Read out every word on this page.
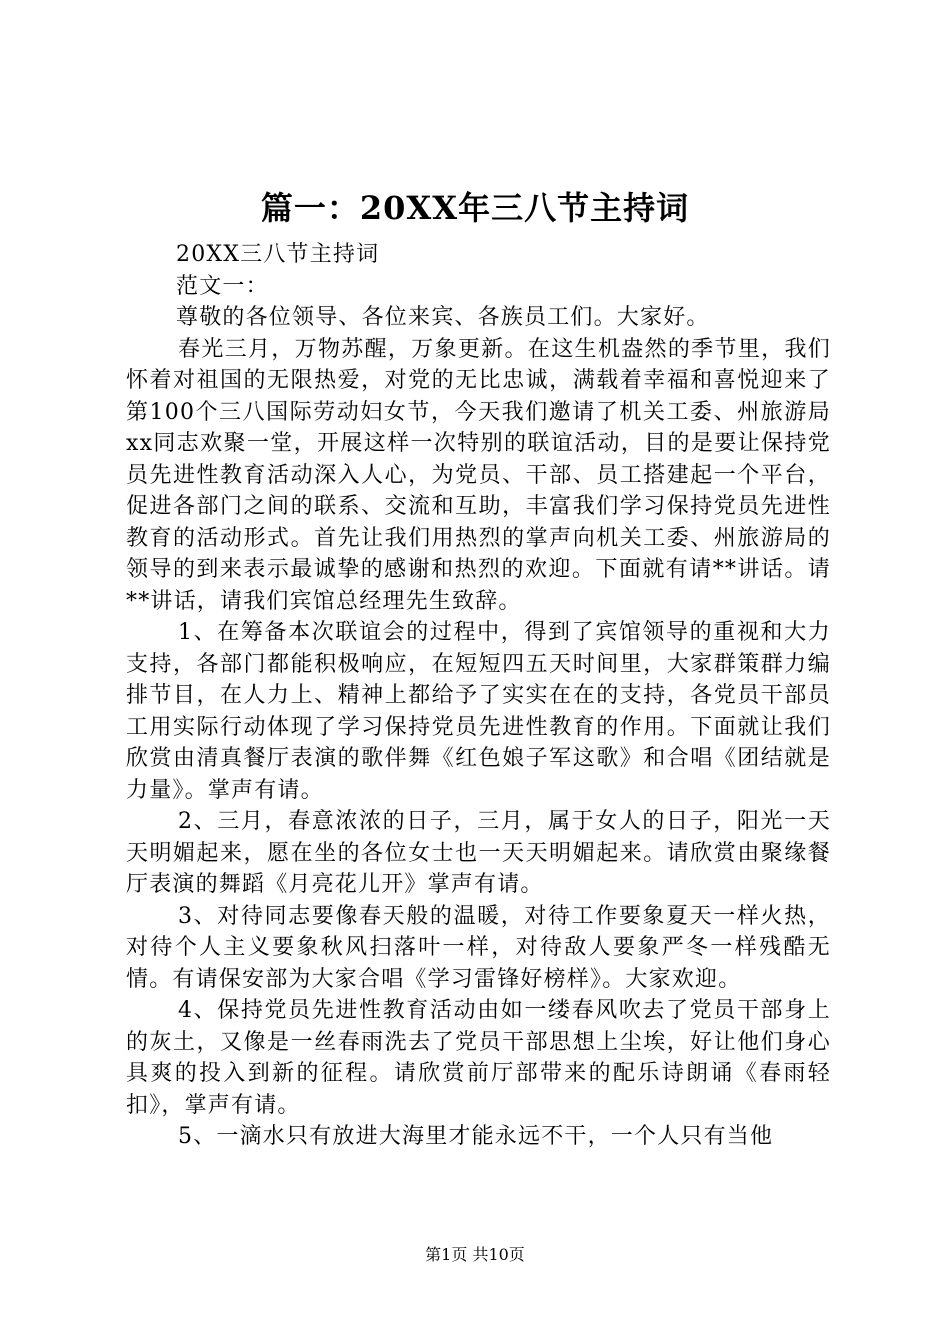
篇一：20XX年三八节主持词

20XX三八节主持词

范文一：

尊敬的各位领导、各位来宾、各族员工们。大家好。

春光三月，万物苏醒，万象更新。在这生机盎然的季节里，我们怀着对祖国的无限热爱，对党的无比忠诚，满载着幸福和喜悦迎来了第100个三八国际劳动妇女节，今天我们邀请了机关工委、州旅游局xx同志欢聚一堂，开展这样一次特别的联谊活动，目的是要让保持党员先进性教育活动深入人心，为党员、干部、员工搭建起一个平台，促进各部门之间的联系、交流和互助，丰富我们学习保持党员先进性教育的活动形式。首先让我们用热烈的掌声向机关工委、州旅游局的领导的到来表示最诚挚的感谢和热烈的欢迎。下面就有请**讲话。请**讲话，请我们宾馆总经理先生致辞。

1、在筹备本次联谊会的过程中，得到了宾馆领导的重视和大力支持，各部门都能积极响应，在短短四五天时间里，大家群策群力编排节目，在人力上、精神上都给予了实实在在的支持，各党员干部员工用实际行动体现了学习保持党员先进性教育的作用。下面就让我们欣赏由清真餐厅表演的歌伴舞《红色娘子军这歌》和合唱《团结就是力量》。掌声有请。

2、三月，春意浓浓的日子，三月，属于女人的日子，阳光一天天明媚起来，愿在坐的各位女士也一天天明媚起来。请欣赏由聚缘餐厅表演的舞蹈《月亮花儿开》掌声有请。

3、对待同志要像春天般的温暖，对待工作要象夏天一样火热，对待个人主义要象秋风扫落叶一样，对待敌人要象严冬一样残酷无情。有请保安部为大家合唱《学习雷锋好榜样》。大家欢迎。

4、保持党员先进性教育活动由如一缕春风吹去了党员干部身上的灰土，又像是一丝春雨洗去了党员干部思想上尘埃，好让他们身心具爽的投入到新的征程。请欣赏前厅部带来的配乐诗朗诵《春雨轻扣》，掌声有请。

5、一滴水只有放进大海里才能永远不干，一个人只有当他

第1页 共10页
